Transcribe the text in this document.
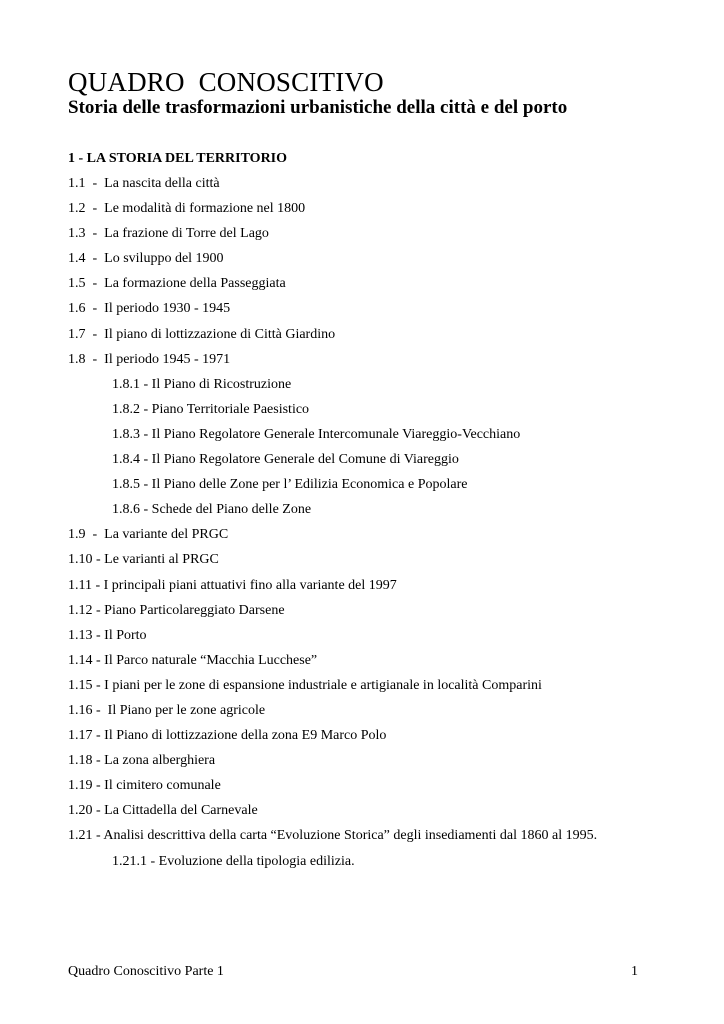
QUADRO  CONOSCITIVO
Storia delle trasformazioni urbanistiche della città e del porto
1 - LA STORIA DEL TERRITORIO
1.1  -  La nascita della città
1.2  -  Le modalità di formazione nel 1800
1.3  -  La frazione di Torre del Lago
1.4  -  Lo sviluppo del 1900
1.5  -  La formazione della Passeggiata
1.6  -  Il periodo 1930 - 1945
1.7  -  Il piano di lottizzazione di Città Giardino
1.8  -  Il periodo 1945 - 1971
1.8.1 - Il Piano di Ricostruzione
1.8.2 - Piano Territoriale Paesistico
1.8.3 - Il Piano Regolatore Generale Intercomunale Viareggio-Vecchiano
1.8.4 - Il Piano Regolatore Generale del Comune di Viareggio
1.8.5 - Il Piano delle Zone per l’ Edilizia Economica e Popolare
1.8.6 - Schede del Piano delle Zone
1.9  -  La variante del PRGC
1.10 - Le varianti al PRGC
1.11 - I principali piani attuativi fino alla variante del 1997
1.12 - Piano Particolareggiato Darsene
1.13 - Il Porto
1.14 - Il Parco naturale “Macchia Lucchese”
1.15 - I piani per le zone di espansione industriale e artigianale in località Comparini
1.16 -  Il Piano per le zone agricole
1.17 - Il Piano di lottizzazione della zona E9 Marco Polo
1.18 - La zona alberghiera
1.19 - Il cimitero comunale
1.20 - La Cittadella del Carnevale
1.21 - Analisi descrittiva della carta “Evoluzione Storica” degli insediamenti dal 1860 al 1995.
1.21.1 - Evoluzione della tipologia edilizia.
Quadro Conoscitivo Parte 1	1
